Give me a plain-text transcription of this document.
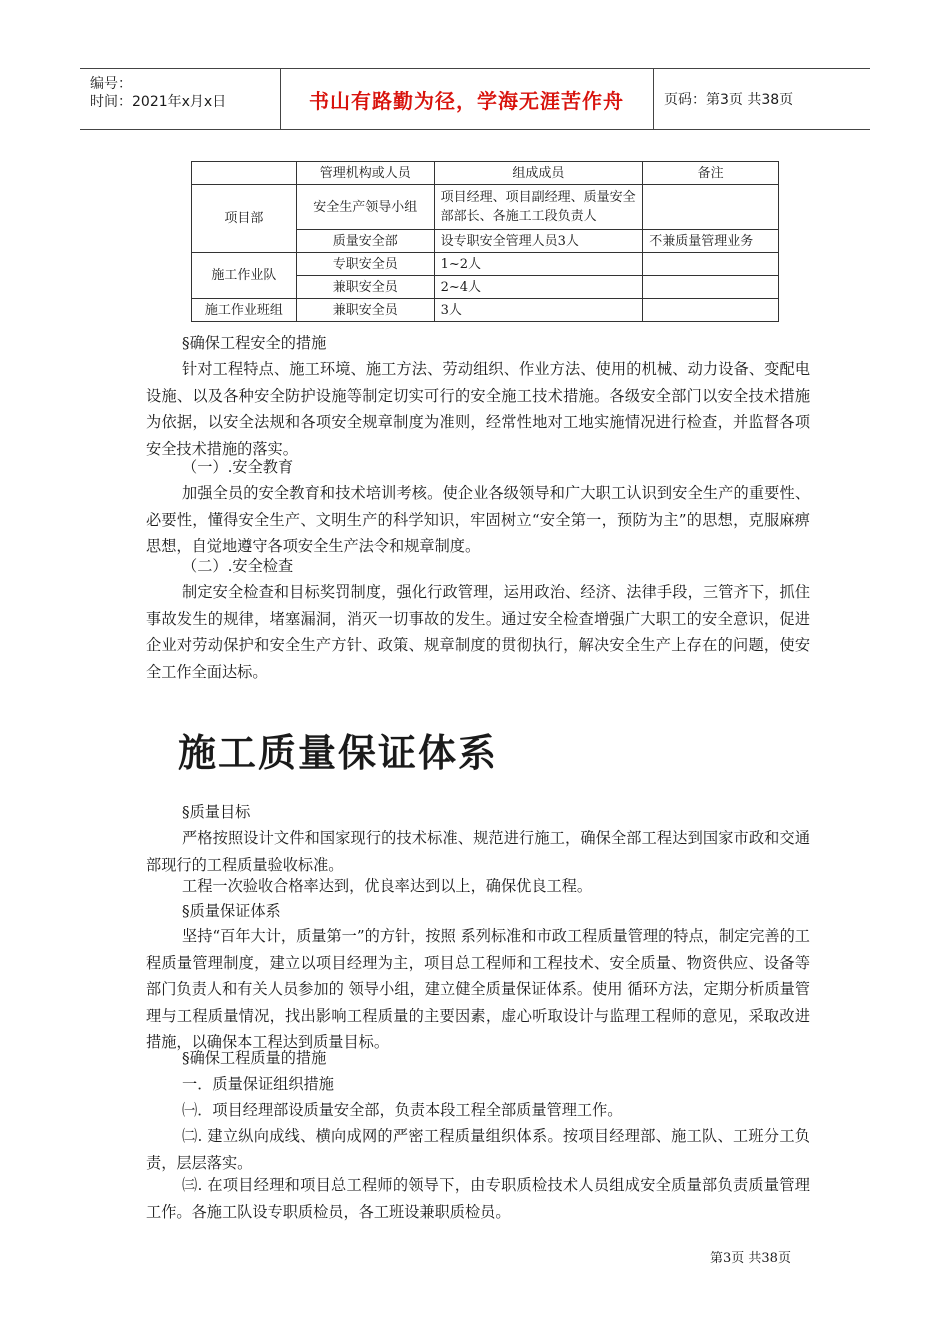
编号：
时间：2021年x月x日	书山有路勤为径，学海无涯苦作舟	页码：第3页 共38页
	管理机构或人员	组成成员	备注
项目部	安全生产领导小组	项目经理、项目副经理、质量安全部部长、各施工工段负责人	
	质量安全部	设专职安全管理人员3人	不兼质量管理业务
施工作业队	专职安全员	1~2人	
	兼职安全员	2~4人	
施工作业班组	兼职安全员	3人	

§确保工程安全的措施

针对工程特点、施工环境、施工方法、劳动组织、作业方法、使用的机械、动力设备、变配电设施、以及各种安全防护设施等制定切实可行的安全施工技术措施。各级安全部门以安全技术措施为依据，以安全法规和各项安全规章制度为准则，经常性地对工地实施情况进行检查，并监督各项安全技术措施的落实。

（一）.安全教育

加强全员的安全教育和技术培训考核。使企业各级领导和广大职工认识到安全生产的重要性、必要性，懂得安全生产、文明生产的科学知识，牢固树立“安全第一，预防为主”的思想，克服麻痹思想，自觉地遵守各项安全生产法令和规章制度。

（二）.安全检查

制定安全检查和目标奖罚制度，强化行政管理，运用政治、经济、法律手段，三管齐下，抓住事故发生的规律，堵塞漏洞，消灭一切事故的发生。通过安全检查增强广大职工的安全意识，促进企业对劳动保护和安全生产方针、政策、规章制度的贯彻执行，解决安全生产上存在的问题，使安全工作全面达标。

施工质量保证体系

§质量目标

严格按照设计文件和国家现行的技术标准、规范进行施工，确保全部工程达到国家市政和交通部现行的工程质量验收标准。

工程一次验收合格率达到，优良率达到以上，确保优良工程。

§质量保证体系

坚持“百年大计，质量第一”的方针，按照 系列标准和市政工程质量管理的特点，制定完善的工程质量管理制度，建立以项目经理为主，项目总工程师和工程技术、安全质量、物资供应、设备等部门负责人和有关人员参加的 领导小组，建立健全质量保证体系。使用 循环方法，定期分析质量管理与工程质量情况，找出影响工程质量的主要因素，虚心听取设计与监理工程师的意见，采取改进措施，以确保本工程达到质量目标。

§确保工程质量的措施

一．质量保证组织措施

㈠．项目经理部设质量安全部，负责本段工程全部质量管理工作。

㈡. 建立纵向成线、横向成网的严密工程质量组织体系。按项目经理部、施工队、工班分工负责，层层落实。

㈢. 在项目经理和项目总工程师的领导下，由专职质检技术人员组成安全质量部负责质量管理工作。各施工队设专职质检员，各工班设兼职质检员。

第3页 共38页
